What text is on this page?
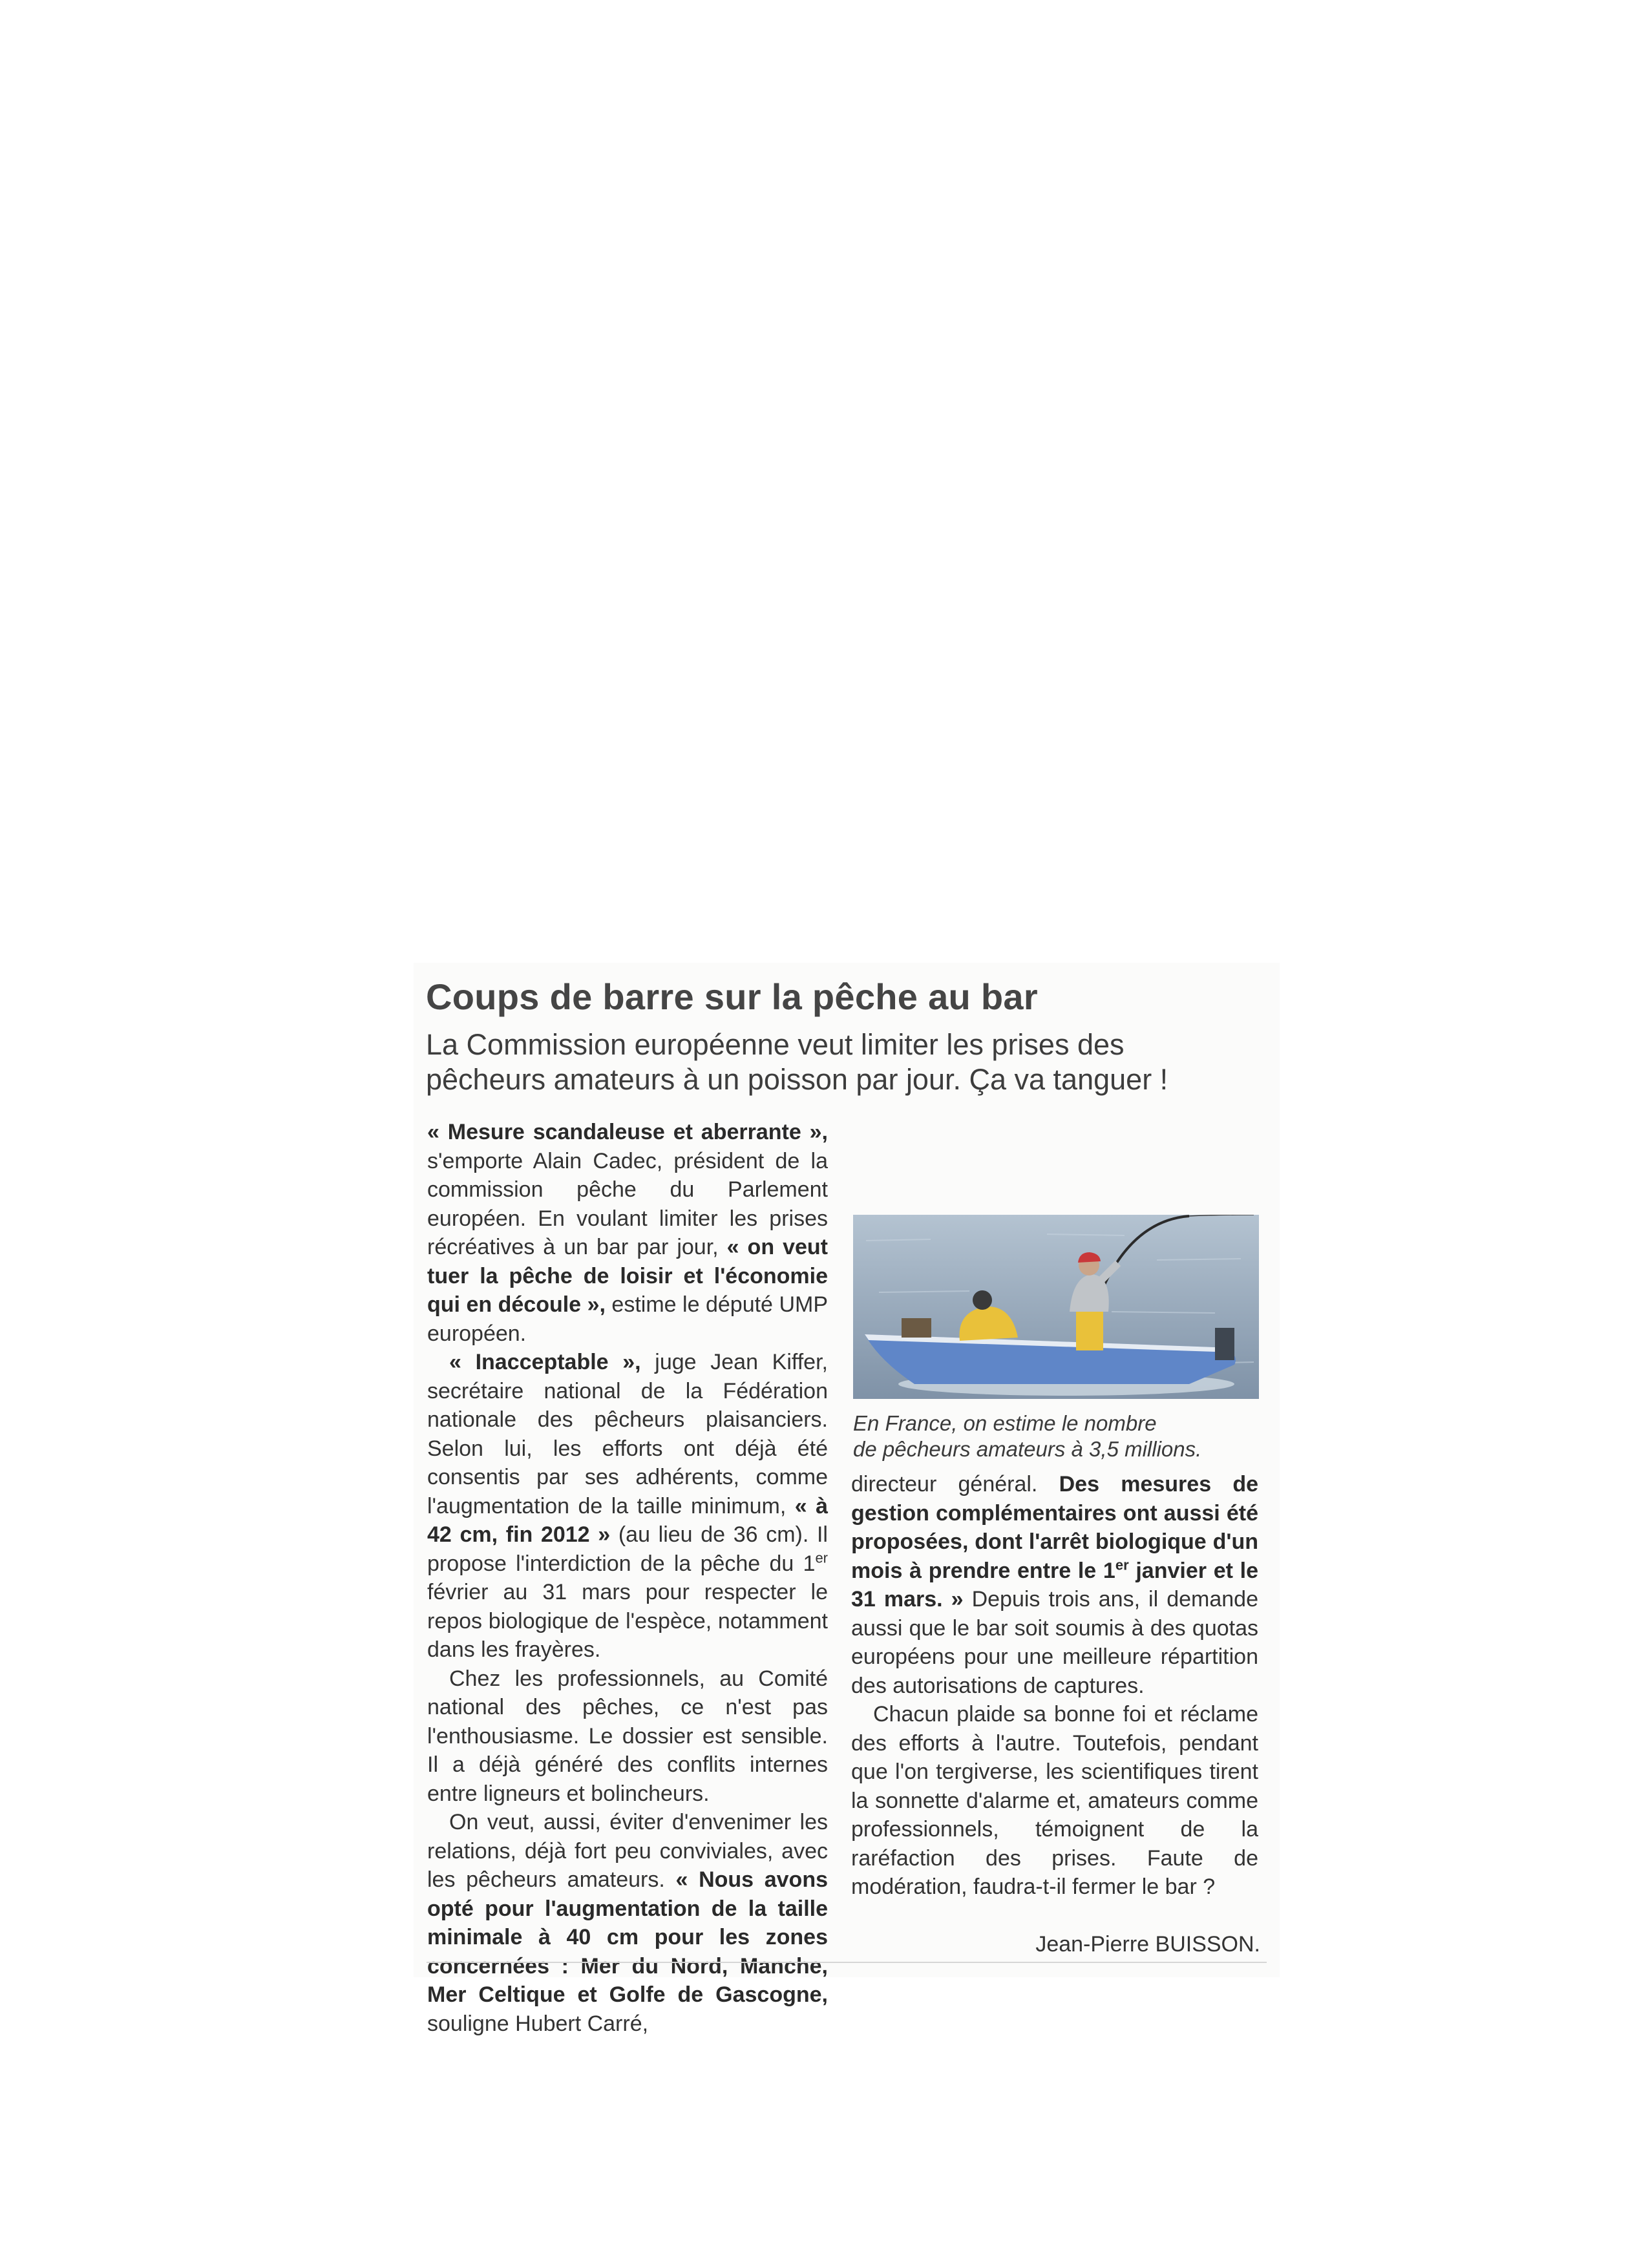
Coups de barre sur la pêche au bar

La Commission européenne veut limiter les prises des pêcheurs amateurs à un poisson par jour. Ça va tanguer !

« Mesure scandaleuse et aberrante », s'emporte Alain Cadec, président de la commission pêche du Parlement européen. En voulant limiter les prises récréatives à un bar par jour, « on veut tuer la pêche de loisir et l'économie qui en découle », estime le député UMP européen.

« Inacceptable », juge Jean Kiffer, secrétaire national de la Fédération nationale des pêcheurs plaisanciers. Selon lui, les efforts ont déjà été consentis par ses adhérents, comme l'augmentation de la taille minimum, « à 42 cm, fin 2012 » (au lieu de 36 cm). Il propose l'interdiction de la pêche du 1er février au 31 mars pour respecter le repos biologique de l'espèce, notamment dans les frayères.

Chez les professionnels, au Comité national des pêches, ce n'est pas l'enthousiasme. Le dossier est sensible. Il a déjà généré des conflits internes entre ligneurs et bolincheurs.

On veut, aussi, éviter d'envenimer les relations, déjà fort peu conviviales, avec les pêcheurs amateurs. « Nous avons opté pour l'augmentation de la taille minimale à 40 cm pour les zones concernées : Mer du Nord, Manche, Mer Celtique et Golfe de Gascogne, souligne Hubert Carré,

En France, on estime le nombre
de pêcheurs amateurs à 3,5 millions.

directeur général. Des mesures de gestion complémentaires ont aussi été proposées, dont l'arrêt biologique d'un mois à prendre entre le 1er janvier et le 31 mars. » Depuis trois ans, il demande aussi que le bar soit soumis à des quotas européens pour une meilleure répartition des autorisations de captures.

Chacun plaide sa bonne foi et réclame des efforts à l'autre. Toutefois, pendant que l'on tergiverse, les scientifiques tirent la sonnette d'alarme et, amateurs comme professionnels, témoignent de la raréfaction des prises. Faute de modération, faudra-t-il fermer le bar ?

Jean-Pierre BUISSON.
